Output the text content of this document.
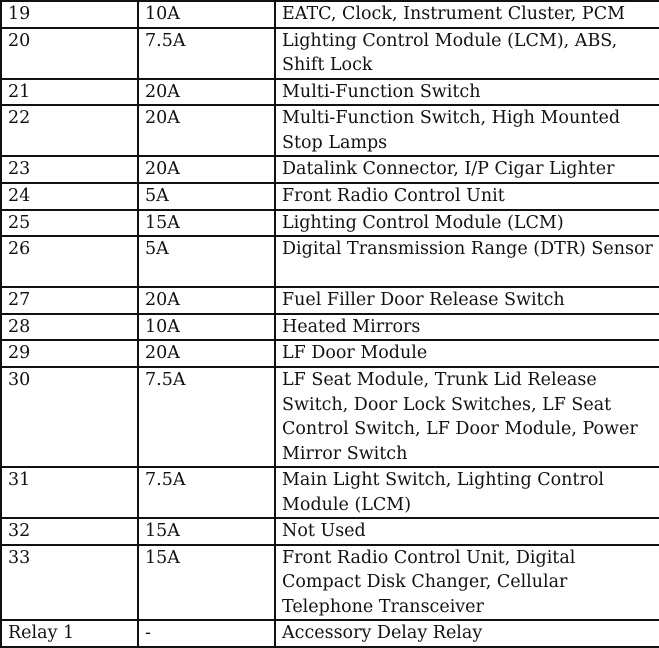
19	10A	EATC, Clock, Instrument Cluster, PCM
20	7.5A	Lighting Control Module (LCM), ABS, Shift Lock
21	20A	Multi-Function Switch
22	20A	Multi-Function Switch, High Mounted Stop Lamps
23	20A	Datalink Connector, I/P Cigar Lighter
24	5A	Front Radio Control Unit
25	15A	Lighting Control Module (LCM)
26	5A	Digital Transmission Range (DTR) Sensor
27	20A	Fuel Filler Door Release Switch
28	10A	Heated Mirrors
29	20A	LF Door Module
30	7.5A	LF Seat Module, Trunk Lid Release Switch, Door Lock Switches, LF Seat Control Switch, LF Door Module, Power Mirror Switch
31	7.5A	Main Light Switch, Lighting Control Module (LCM)
32	15A	Not Used
33	15A	Front Radio Control Unit, Digital Compact Disk Changer, Cellular Telephone Transceiver
Relay 1	-	Accessory Delay Relay
